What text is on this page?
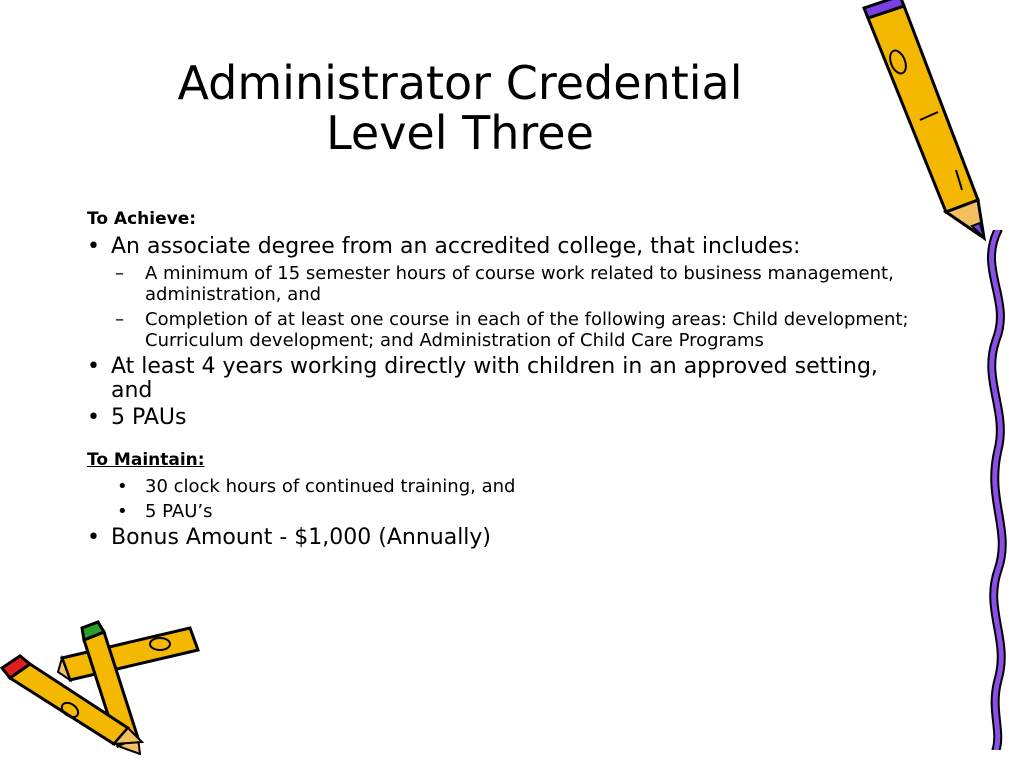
Administrator Credential
Level Three
To Achieve:
• An associate degree from an accredited college, that includes:
– A minimum of 15 semester hours of course work related to business management, administration, and
– Completion of at least one course in each of the following areas: Child development; Curriculum development; and Administration of Child Care Programs
• At least 4 years working directly with children in an approved setting, and
• 5 PAUs
To Maintain:
• 30 clock hours of continued training, and
• 5 PAU’s
• Bonus Amount - $1,000 (Annually)
